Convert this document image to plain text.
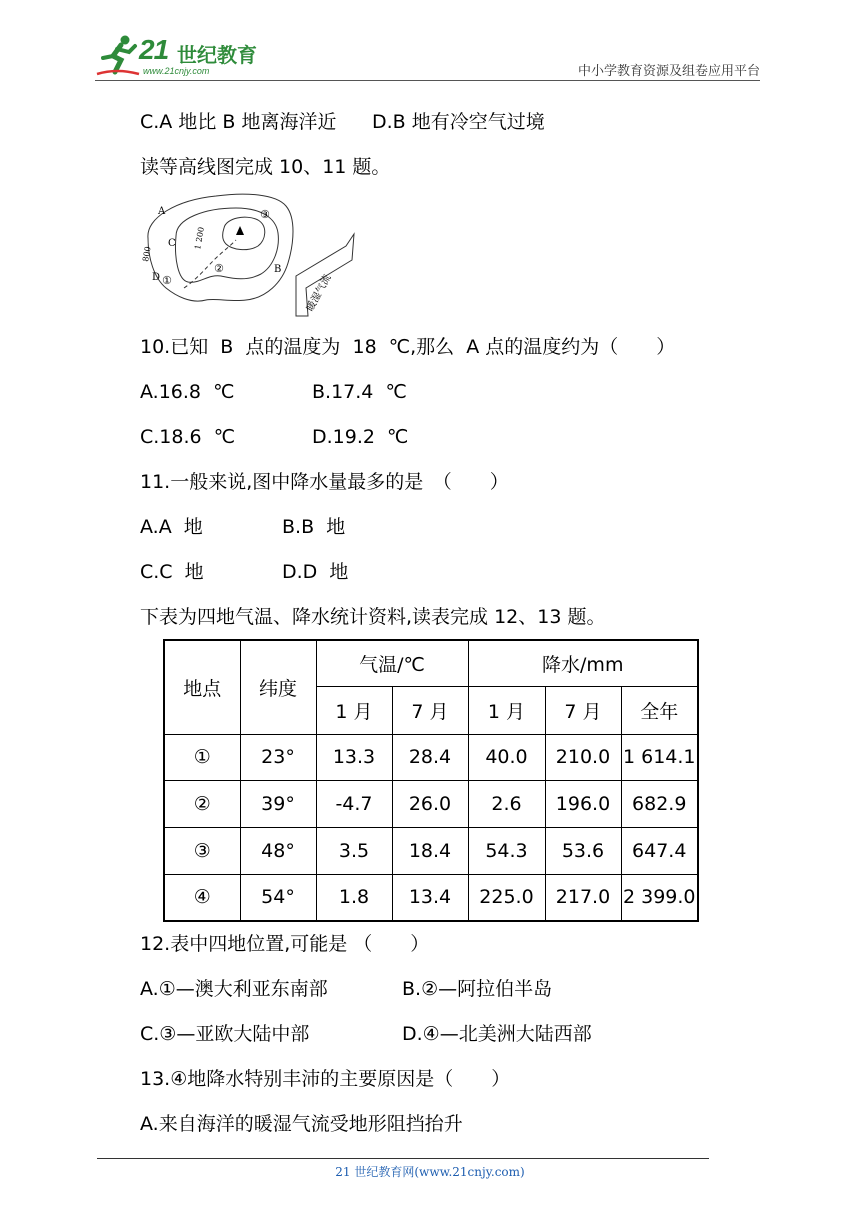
21 世纪教育
www.21cnjy.com	中小学教育资源及组卷应用平台
C.A 地比 B 地离海洋近 D.B 地有冷空气过境
读等高线图完成 10、11 题。
A
B
C
D ①
②
③
800
1 200
暖湿气流
10.已知  B  点的温度为  18  ℃,那么  A 点的温度约为（　　）
A.16.8  ℃	B.17.4  ℃
C.18.6  ℃	D.19.2  ℃
11.一般来说,图中降水量最多的是　（　　）
A.A  地	B.B  地
C.C  地	D.D  地
下表为四地气温、降水统计资料,读表完成 12、13 题。
地点	纬度	气温/℃		降水/mm		
		1 月	7 月	1 月	7 月	全年
①	23°	13.3	28.4	40.0	210.0	1 614.1
②	39°	-4.7	26.0	2.6	196.0	682.9
③	48°	3.5	18.4	54.3	53.6	647.4
④	54°	1.8	13.4	225.0	217.0	2 399.0
12.表中四地位置,可能是 （　　）
A.①—澳大利亚东南部	B.②—阿拉伯半岛
C.③—亚欧大陆中部	D.④—北美洲大陆西部
13.④地降水特别丰沛的主要原因是（　　）
A.来自海洋的暖湿气流受地形阻挡抬升
21 世纪教育网(www.21cnjy.com)
